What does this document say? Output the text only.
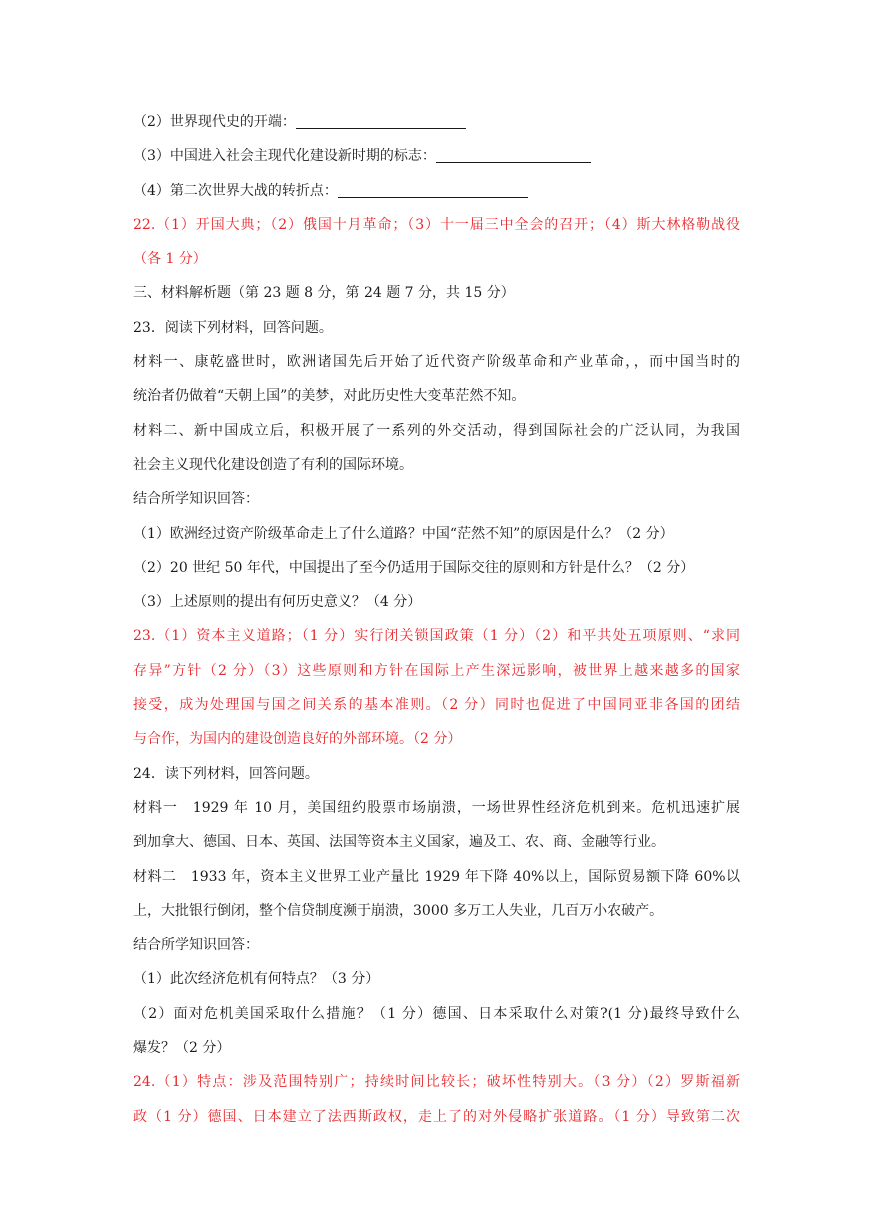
（2）世界现代史的开端：
（3）中国进入社会主现代化建设新时期的标志：
（4）第二次世界大战的转折点：
22.（1）开国大典；（2）俄国十月革命；（3）十一届三中全会的召开；（4）斯大林格勒战役
（各 1 分）
三、材料解析题（第 23 题 8 分，第 24 题 7 分，共 15 分）
23．阅读下列材料，回答问题。
材料一、康乾盛世时，欧洲诸国先后开始了近代资产阶级革命和产业革命，，而中国当时的
统治者仍做着“天朝上国”的美梦，对此历史性大变革茫然不知。
材料二、新中国成立后，积极开展了一系列的外交活动，得到国际社会的广泛认同，为我国
社会主义现代化建设创造了有利的国际环境。
结合所学知识回答：
（1）欧洲经过资产阶级革命走上了什么道路？中国“茫然不知”的原因是什么？（2 分）
（2）20 世纪 50 年代，中国提出了至今仍适用于国际交往的原则和方针是什么？（2 分）
（3）上述原则的提出有何历史意义？（4 分）
23.（1）资本主义道路；（1 分）实行闭关锁国政策（1 分）（2）和平共处五项原则、“求同
存异”方针（2 分）（3）这些原则和方针在国际上产生深远影响，被世界上越来越多的国家
接受，成为处理国与国之间关系的基本准则。（2 分）同时也促进了中国同亚非各国的团结
与合作，为国内的建设创造良好的外部环境。（2 分）
24．读下列材料，回答问题。
材料一　1929 年 10 月，美国纽约股票市场崩溃，一场世界性经济危机到来。危机迅速扩展
到加拿大、德国、日本、英国、法国等资本主义国家，遍及工、农、商、金融等行业。
材料二　1933 年，资本主义世界工业产量比 1929 年下降 40%以上，国际贸易额下降 60%以
上，大批银行倒闭，整个信贷制度濒于崩溃，3000 多万工人失业，几百万小农破产。
结合所学知识回答：
（1）此次经济危机有何特点？（3 分）
（2）面对危机美国采取什么措施？（1 分）德国、日本采取什么对策?(1 分)最终导致什么
爆发？（2 分）
24.（1）特点：涉及范围特别广；持续时间比较长；破坏性特别大。（3 分）（2）罗斯福新
政（1 分）德国、日本建立了法西斯政权，走上了的对外侵略扩张道路。（1 分）导致第二次
